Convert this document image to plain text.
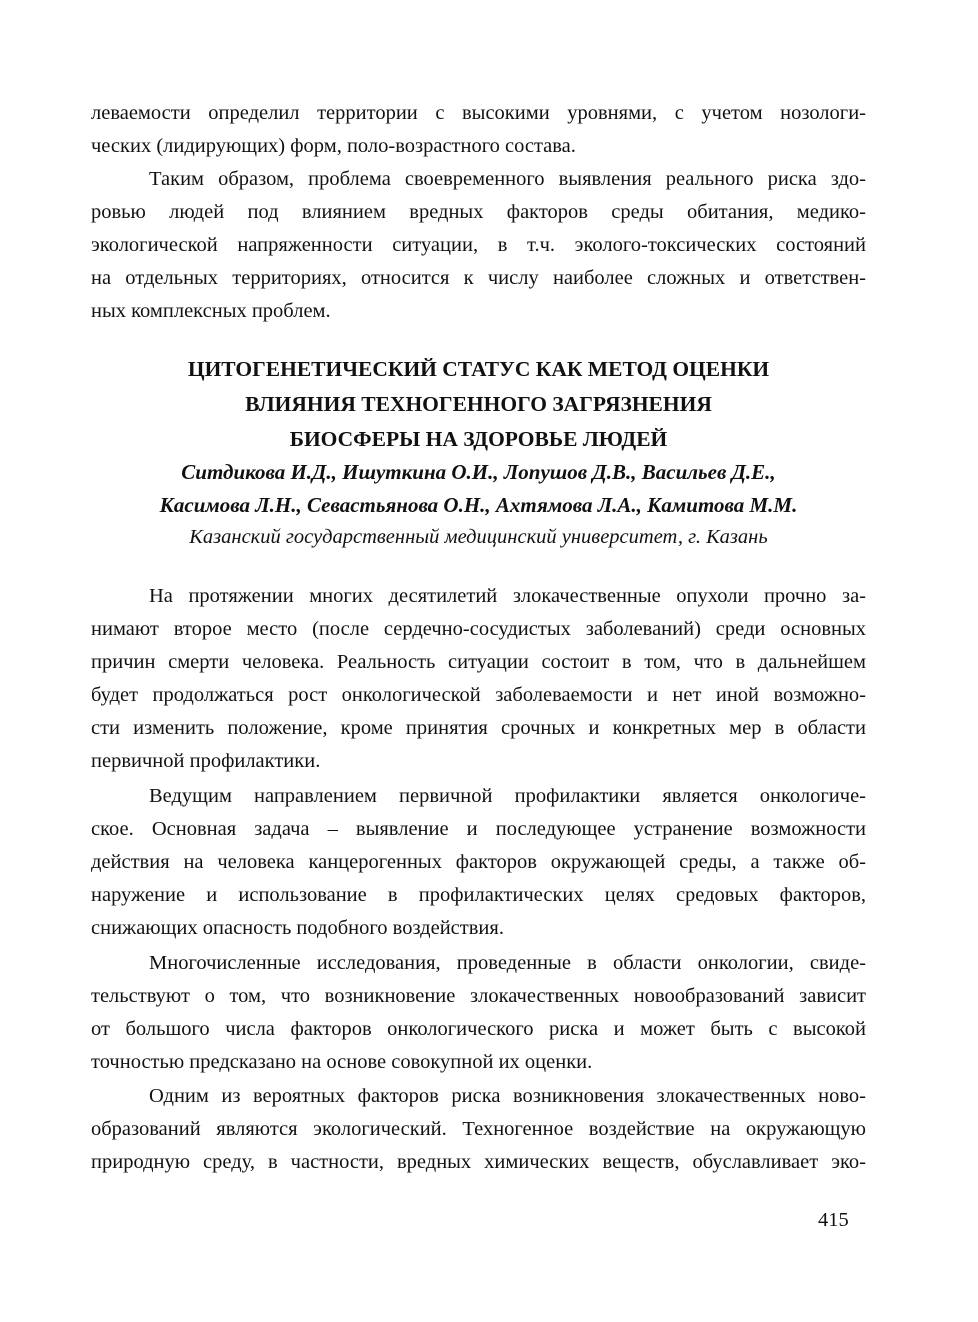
леваемости определил территории с высокими уровнями, с учетом нозологи-
ческих (лидирующих) форм, поло-возрастного состава.

Таким образом, проблема своевременного выявления реального риска здо-
ровью людей под влиянием вредных факторов среды обитания, медико-
экологической напряженности ситуации, в т.ч. эколого-токсических состояний
на отдельных территориях, относится к числу наиболее сложных и ответствен-
ных комплексных проблем.

ЦИТОГЕНЕТИЧЕСКИЙ СТАТУС КАК МЕТОД ОЦЕНКИ
ВЛИЯНИЯ ТЕХНОГЕННОГО ЗАГРЯЗНЕНИЯ
БИОСФЕРЫ НА ЗДОРОВЬЕ ЛЮДЕЙ

Ситдикова И.Д., Ишуткина О.И., Лопушов Д.В., Васильев Д.Е.,
Касимова Л.Н., Севастьянова О.Н., Ахтямова Л.А., Камитова М.М.

Казанский государственный медицинский университет, г. Казань

На протяжении многих десятилетий злокачественные опухоли прочно за-
нимают второе место (после сердечно-сосудистых заболеваний) среди основных
причин смерти человека. Реальность ситуации состоит в том, что в дальнейшем
будет продолжаться рост онкологической заболеваемости и нет иной возможно-
сти изменить положение, кроме принятия срочных и конкретных мер в области
первичной профилактики.

Ведущим направлением первичной профилактики является онкологиче-
ское. Основная задача – выявление и последующее устранение возможности
действия на человека канцерогенных факторов окружающей среды, а также об-
наружение и использование в профилактических целях средовых факторов,
снижающих опасность подобного воздействия.

Многочисленные исследования, проведенные в области онкологии, свиде-
тельствуют о том, что возникновение злокачественных новообразований зависит
от большого числа факторов онкологического риска и может быть с высокой
точностью предсказано на основе совокупной их оценки.

Одним из вероятных факторов риска возникновения злокачественных ново-
образований являются экологический. Техногенное воздействие на окружающую
природную среду, в частности, вредных химических веществ, обуславливает эко-

415
